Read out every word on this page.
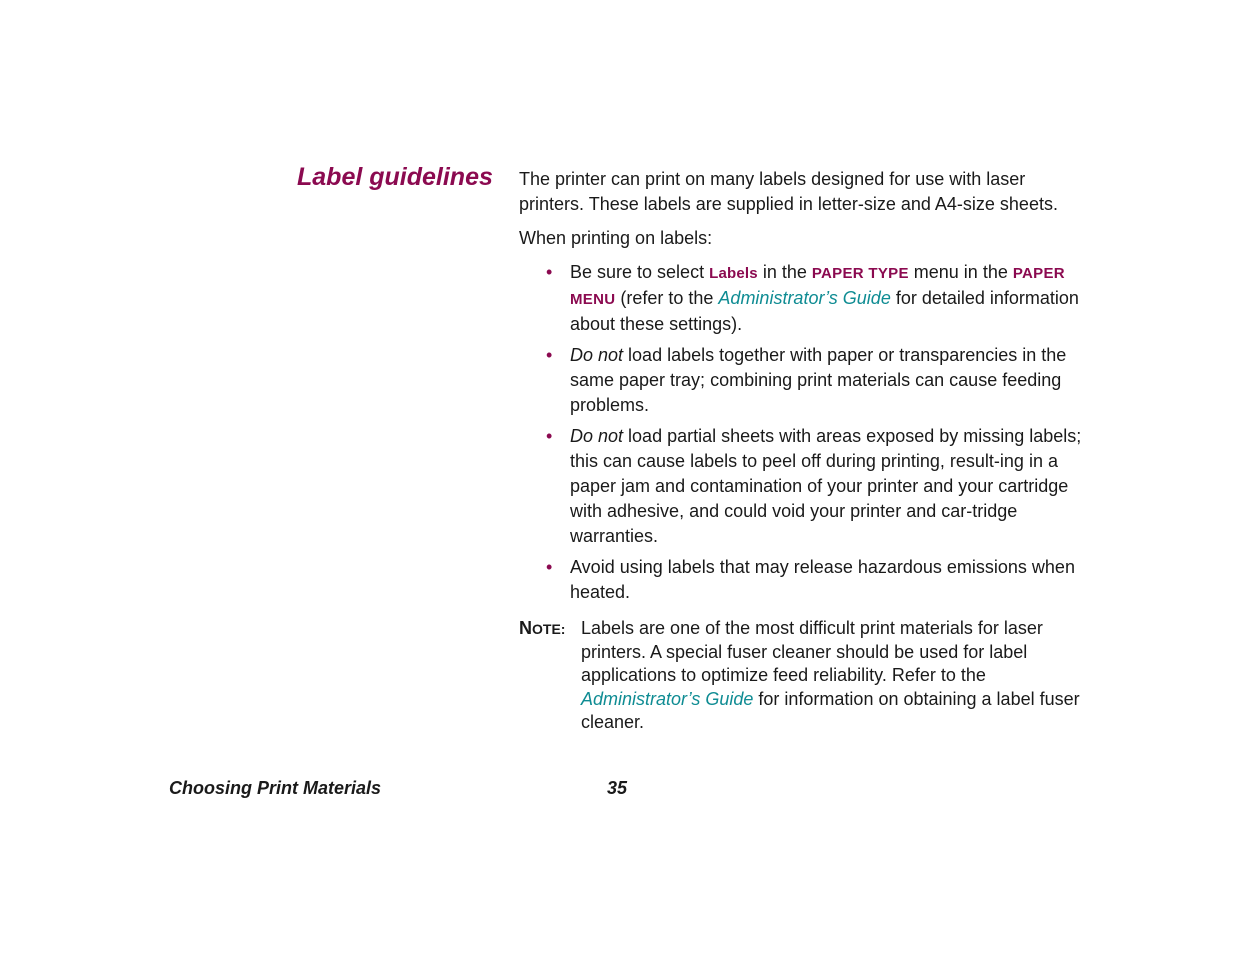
Label guidelines The printer can print on many labels designed for use with laser printers. These labels are supplied in letter-size and A4-size sheets.

When printing on labels:

• Be sure to select Labels in the PAPER TYPE menu in the PAPER MENU (refer to the Administrator’s Guide for detailed information about these settings).
• Do not load labels together with paper or transparencies in the same paper tray; combining print materials can cause feeding problems.
• Do not load partial sheets with areas exposed by missing labels; this can cause labels to peel off during printing, result-ing in a paper jam and contamination of your printer and your cartridge with adhesive, and could void your printer and car-tridge warranties.
• Avoid using labels that may release hazardous emissions when heated.
NOTE: Labels are one of the most difficult print materials for laser printers. A special fuser cleaner should be used for label applications to optimize feed reliability. Refer to the Administrator’s Guide for information on obtaining a label fuser cleaner.
Choosing Print Materials	35
